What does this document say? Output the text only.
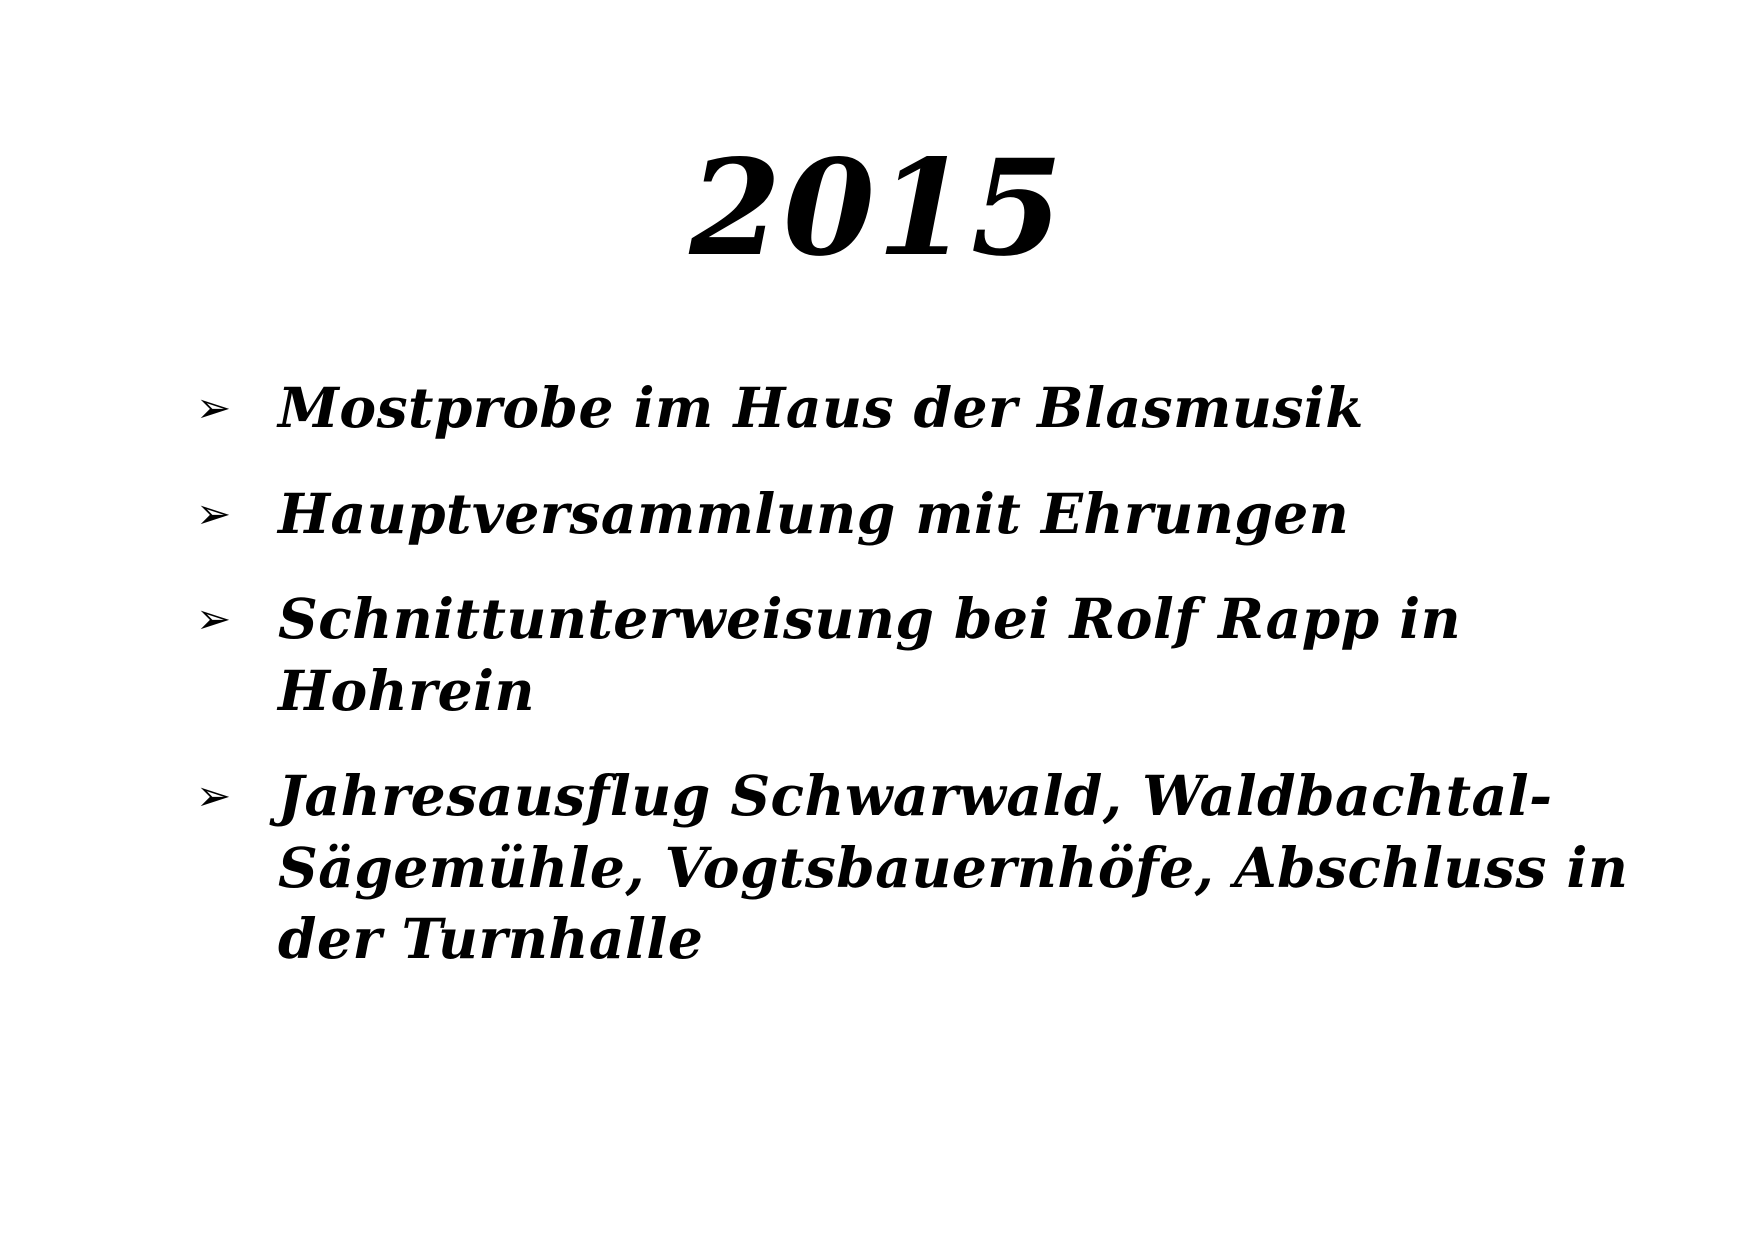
2015
➢ Mostprobe im Haus der Blasmusik
➢ Hauptversammlung mit Ehrungen
➢ Schnittunterweisung bei Rolf Rapp in Hohrein
➢ Jahresausflug Schwarwald, Waldbachtal-Sägemühle, Vogtsbauernhöfe, Abschluss in der Turnhalle
